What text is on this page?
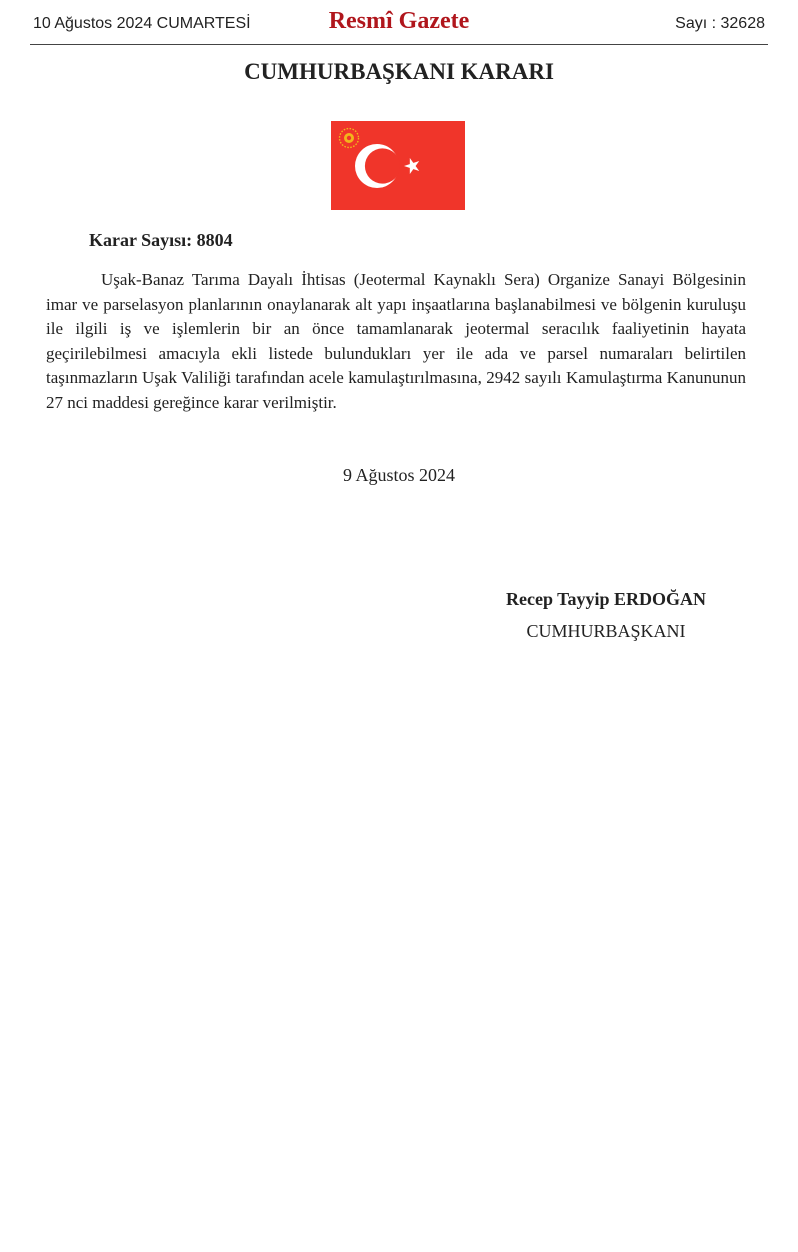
10 Ağustos 2024 CUMARTESİ	Resmî Gazete	Sayı : 32628
CUMHURBAŞKANI KARARI
Karar Sayısı: 8804

Uşak-Banaz Tarıma Dayalı İhtisas (Jeotermal Kaynaklı Sera) Organize Sanayi Bölgesinin imar ve parselasyon planlarının onaylanarak alt yapı inşaatlarına başlanabilmesi ve bölgenin kuruluşu ile ilgili iş ve işlemlerin bir an önce tamamlanarak jeotermal seracılık faaliyetinin hayata geçirilebilmesi amacıyla ekli listede bulundukları yer ile ada ve parsel numaraları belirtilen taşınmazların Uşak Valiliği tarafından acele kamulaştırılmasına, 2942 sayılı Kamulaştırma Kanununun 27 nci maddesi gereğince karar verilmiştir.

9 Ağustos 2024
Recep Tayyip ERDOĞAN
CUMHURBAŞKANI
